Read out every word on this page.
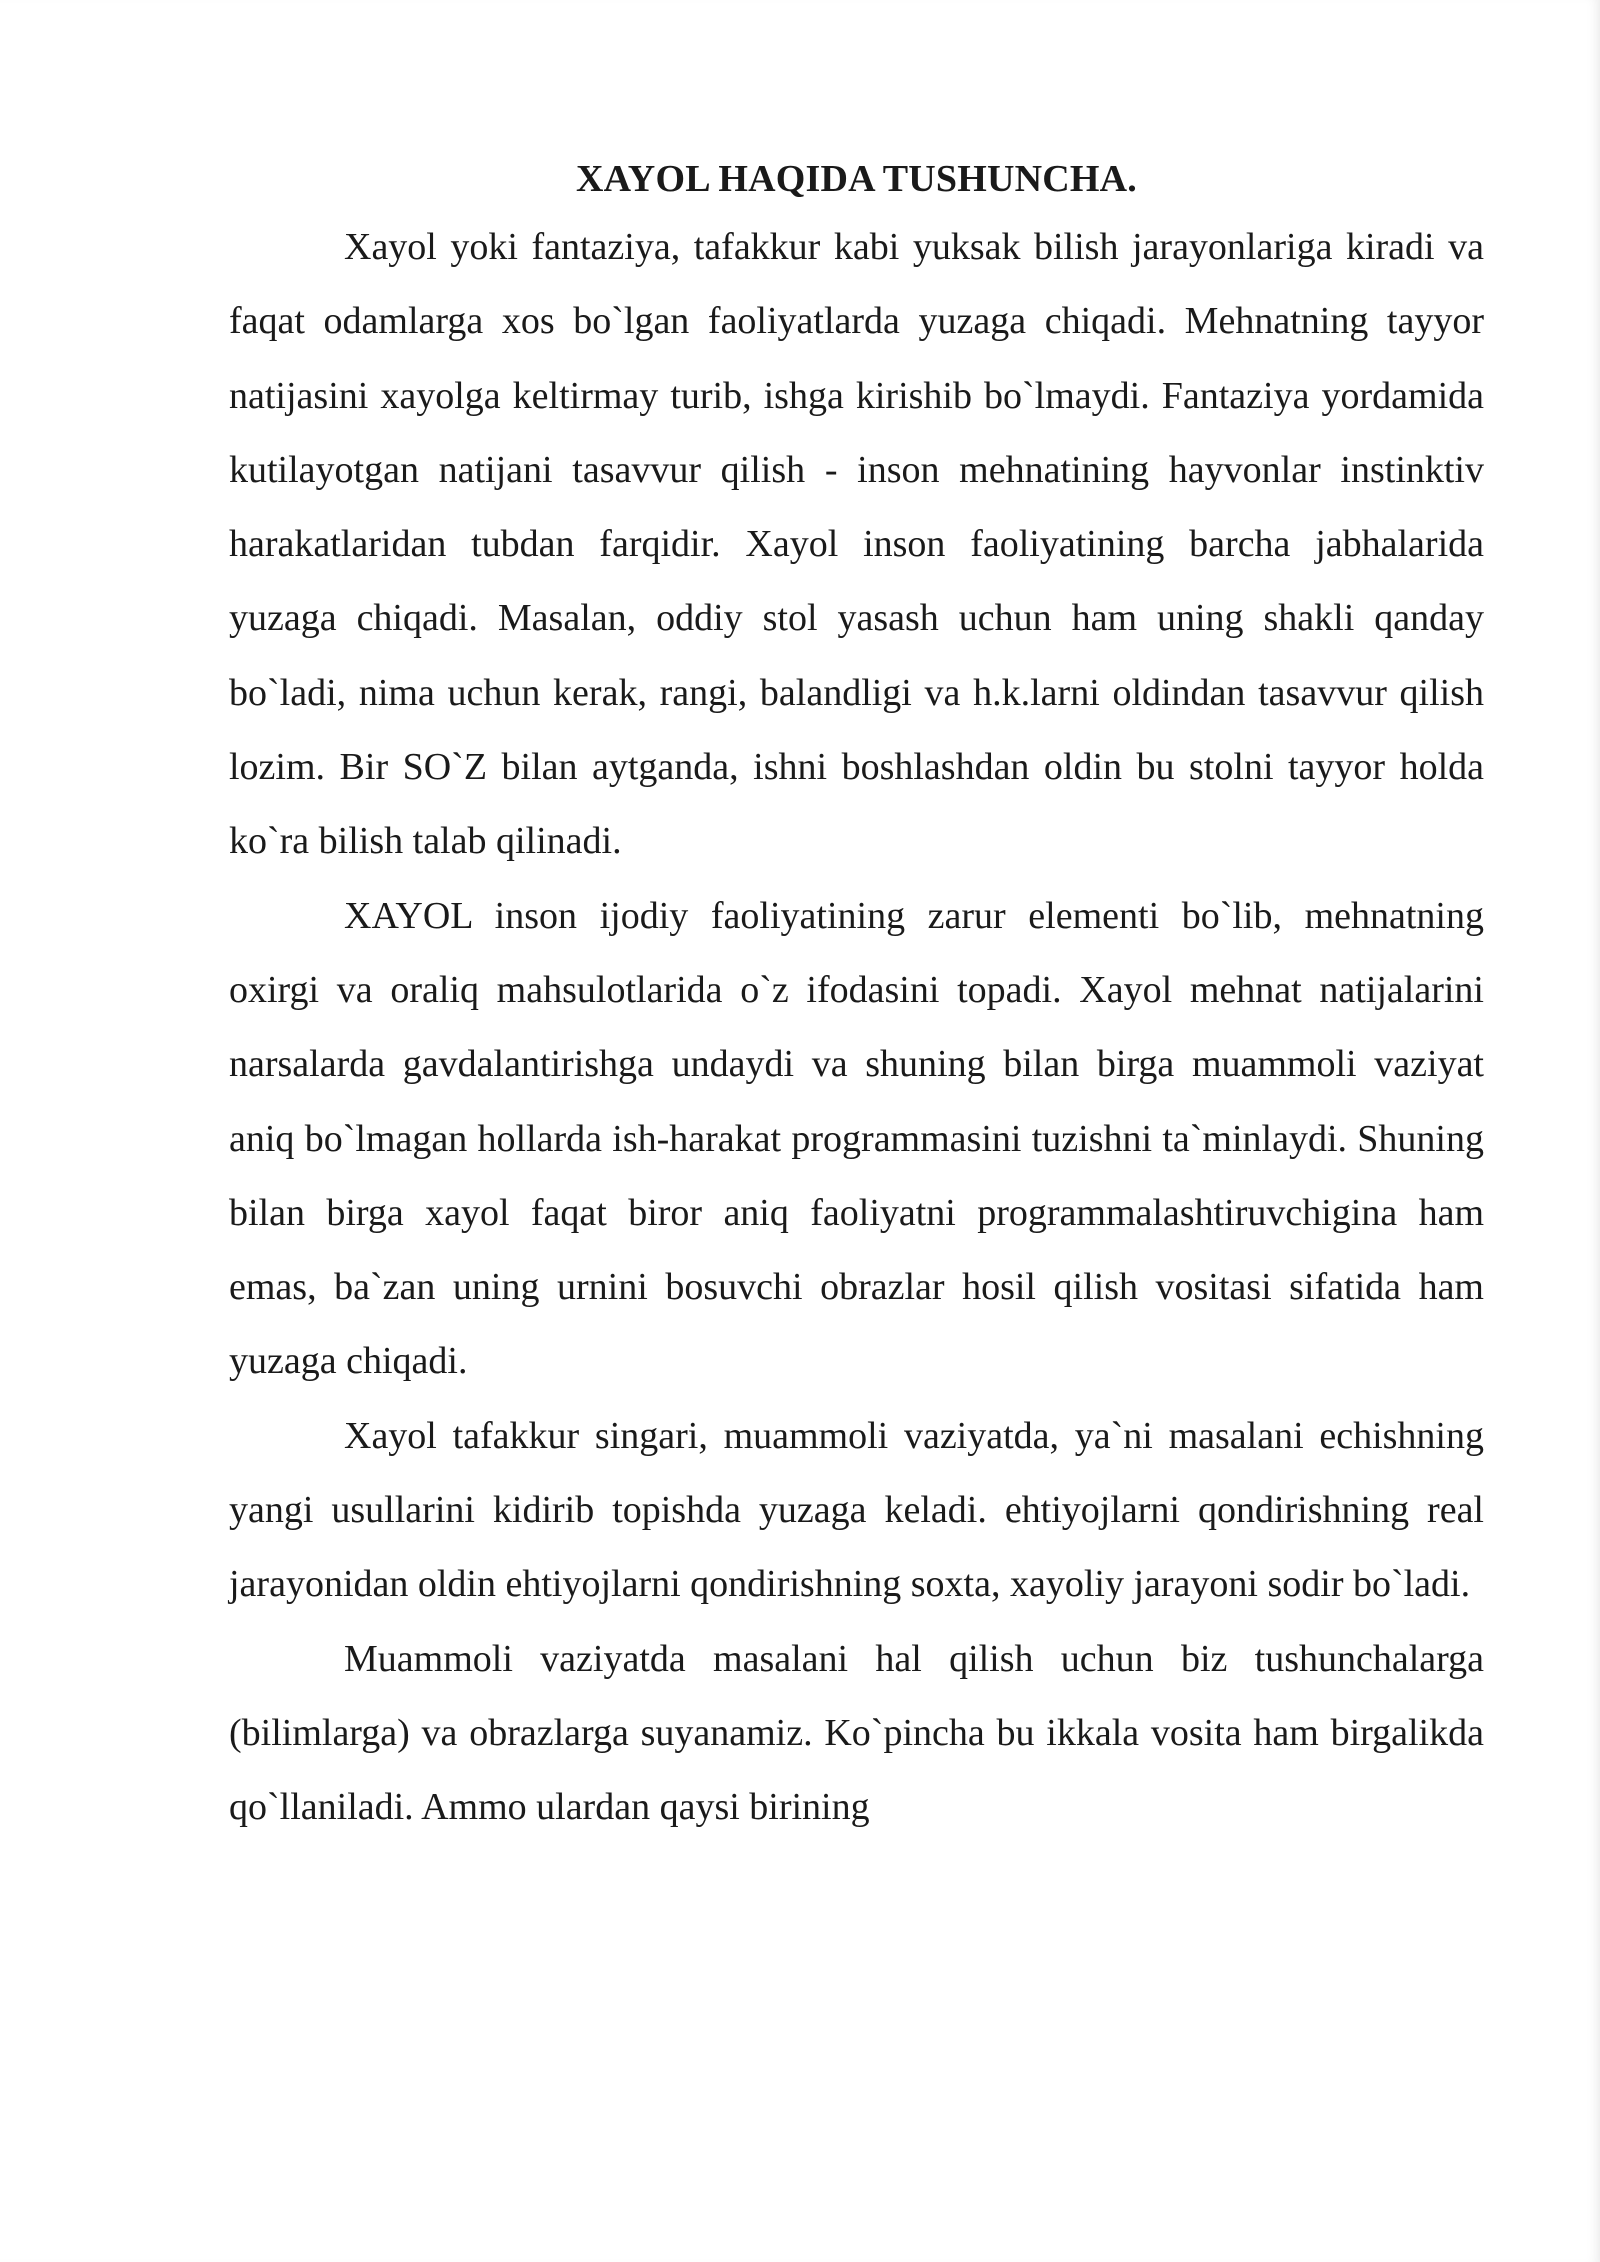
XAYOL HAQIDA TUSHUNCHA.

Xayol yoki fantaziya, tafakkur kabi yuksak bilish jarayonlariga kiradi va faqat odamlarga xos bo`lgan faoliyatlarda yuzaga chiqadi. Mehnatning tayyor natijasini xayolga keltirmay turib, ishga kirishib bo`lmaydi. Fantaziya yordamida kutilayotgan natijani tasavvur qilish - inson mehnatining hayvonlar instinktiv harakatlaridan tubdan farqidir. Xayol inson faoliyatining barcha jabhalarida yuzaga chiqadi. Masalan, oddiy stol yasash uchun ham uning shakli qanday bo`ladi, nima uchun kerak, rangi, balandligi va h.k.larni oldindan tasavvur qilish lozim. Bir SO`Z bilan aytganda, ishni boshlashdan oldin bu stolni tayyor holda ko`ra bilish talab qilinadi.

XAYOL inson ijodiy faoliyatining zarur elementi bo`lib, mehnatning oxirgi va oraliq mahsulotlarida o`z ifodasini topadi. Xayol mehnat natijalarini narsalarda gavdalantirishga undaydi va shuning bilan birga muammoli vaziyat aniq bo`lmagan hollarda ish-harakat programmasini tuzishni ta`minlaydi. Shuning bilan birga xayol faqat biror aniq faoliyatni programmalashtiruvchigina ham emas, ba`zan uning urnini bosuvchi obrazlar hosil qilish vositasi sifatida ham yuzaga chiqadi.

Xayol tafakkur singari, muammoli vaziyatda, ya`ni masalani echishning yangi usullarini kidirib topishda yuzaga keladi. ehtiyojlarni qondirishning real jarayonidan oldin ehtiyojlarni qondirishning soxta, xayoliy jarayoni sodir bo`ladi.

Muammoli vaziyatda masalani hal qilish uchun biz tushunchalarga (bilimlarga) va obrazlarga suyanamiz. Ko`pincha bu ikkala vosita ham birgalikda qo`llaniladi. Ammo ulardan qaysi birining
